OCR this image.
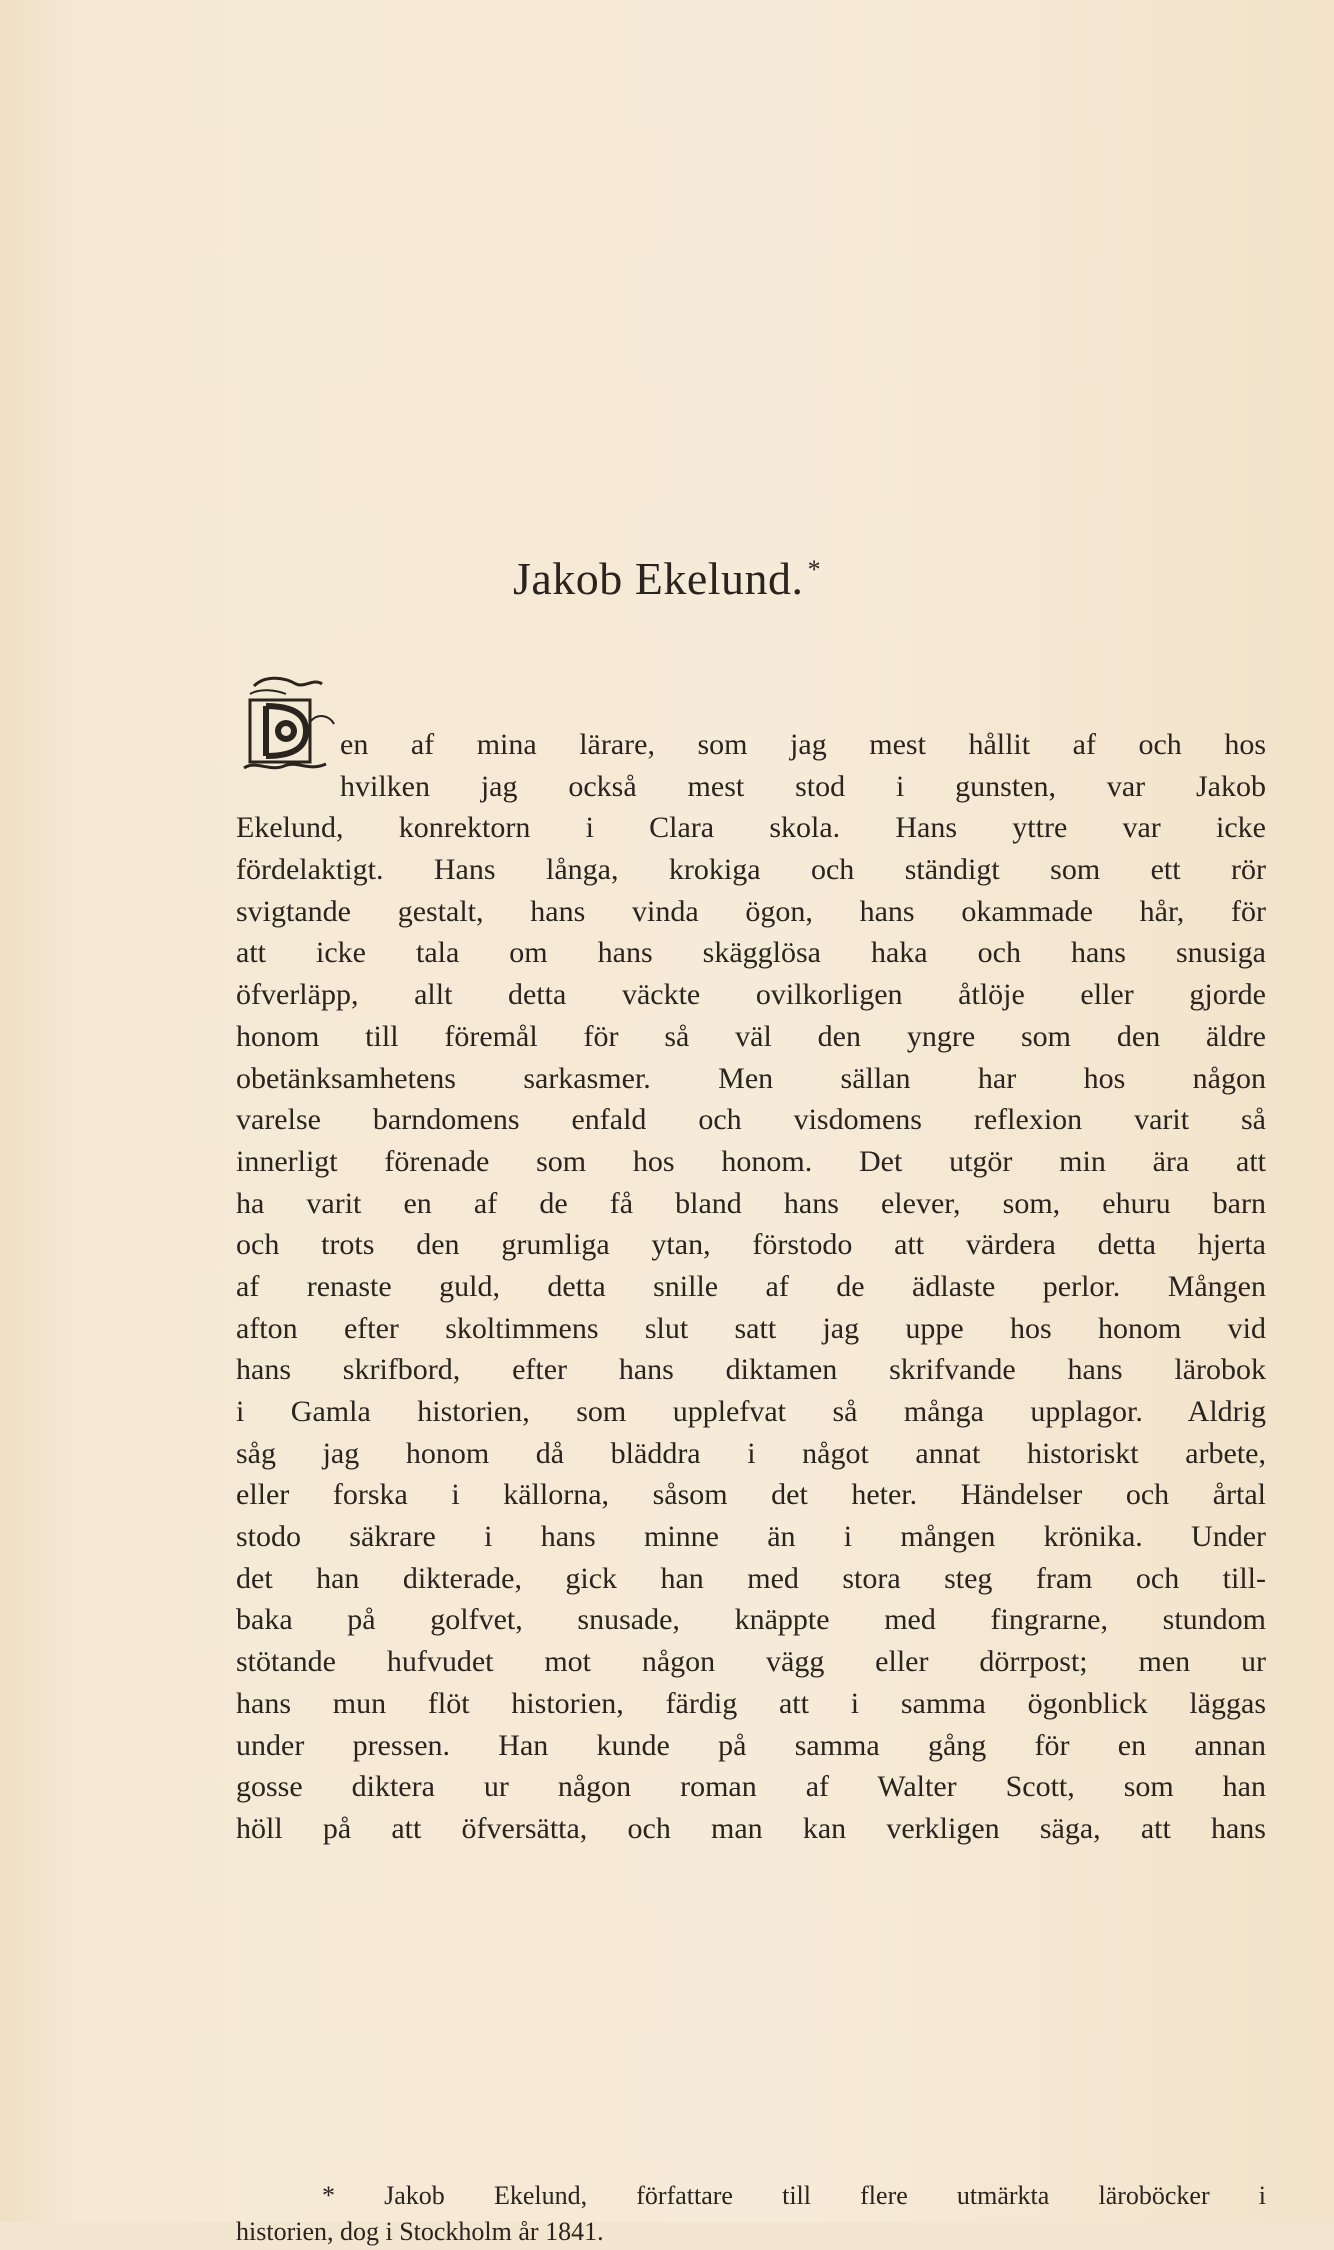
Jakob Ekelund. *
D
en af mina lärare, som jag mest hållit af och hos
hvilken jag också mest stod i gunsten, var Jakob
Ekelund, konrektorn i Clara skola. Hans yttre var icke
fördelaktigt. Hans långa, krokiga och ständigt som ett rör
svigtande gestalt, hans vinda ögon, hans okammade hår, för
att icke tala om hans skägglösa haka och hans snusiga
öfverläpp, allt detta väckte ovilkorligen åtlöje eller gjorde
honom till föremål för så väl den yngre som den äldre
obetänksamhetens sarkasmer. Men sällan har hos någon
varelse barndomens enfald och visdomens reflexion varit så
innerligt förenade som hos honom. Det utgör min ära att
ha varit en af de få bland hans elever, som, ehuru barn
och trots den grumliga ytan, förstodo att värdera detta hjerta
af renaste guld, detta snille af de ädlaste perlor. Mången
afton efter skoltimmens slut satt jag uppe hos honom vid
hans skrifbord, efter hans diktamen skrifvande hans lärobok
i Gamla historien, som upplefvat så många upplagor. Aldrig
såg jag honom då bläddra i något annat historiskt arbete,
eller forska i källorna, såsom det heter. Händelser och årtal
stodo säkrare i hans minne än i mången krönika. Under
det han dikterade, gick han med stora steg fram och till-
baka på golfvet, snusade, knäppte med fingrarne, stundom
stötande hufvudet mot någon vägg eller dörrpost; men ur
hans mun flöt historien, färdig att i samma ögonblick läggas
under pressen. Han kunde på samma gång för en annan
gosse diktera ur någon roman af Walter Scott, som han
höll på att öfversätta, och man kan verkligen säga, att hans
* Jakob Ekelund, författare till flere utmärkta läroböcker i
historien, dog i Stockholm år 1841.
